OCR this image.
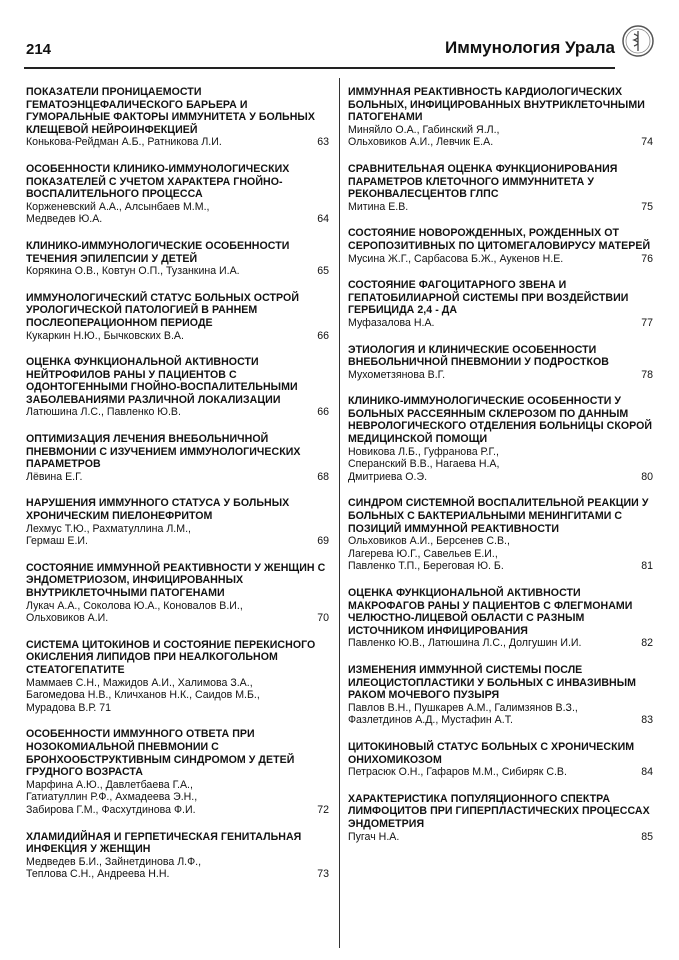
214	Иммунология Урала
ПОКАЗАТЕЛИ ПРОНИЦАЕМОСТИ ГЕМАТОЭНЦЕФАЛИЧЕСКОГО БАРЬЕРА И ГУМОРАЛЬНЫЕ ФАКТОРЫ ИММУНИТЕТА У БОЛЬНЫХ КЛЕЩЕВОЙ НЕЙРОИНФЕКЦИЕЙ
63
Конькова-Рейдман А.Б., Ратникова Л.И.
ОСОБЕННОСТИ КЛИНИКО-ИММУНОЛОГИЧЕСКИХ ПОКАЗАТЕЛЕЙ С УЧЕТОМ ХАРАКТЕРА ГНОЙНО-ВОСПАЛИТЕЛЬНОГО ПРОЦЕССА
Корженевский А.А., Алсынбаев М.М.,
64
Медведев Ю.А.
КЛИНИКО-ИММУНОЛОГИЧЕСКИЕ ОСОБЕННОСТИ ТЕЧЕНИЯ ЭПИЛЕПСИИ У ДЕТЕЙ
65
Корякина О.В., Ковтун О.П., Тузанкина И.А.
ИММУНОЛОГИЧЕСКИЙ СТАТУС БОЛЬНЫХ ОСТРОЙ УРОЛОГИЧЕСКОЙ ПАТОЛОГИЕЙ В РАННЕМ ПОСЛЕОПЕРАЦИОННОМ ПЕРИОДЕ
66
Кукаркин Н.Ю., Бычковских В.А.
ОЦЕНКА ФУНКЦИОНАЛЬНОЙ АКТИВНОСТИ НЕЙТРОФИЛОВ РАНЫ У ПАЦИЕНТОВ С ОДОНТОГЕННЫМИ ГНОЙНО-ВОСПАЛИТЕЛЬНЫМИ ЗАБОЛЕВАНИЯМИ РАЗЛИЧНОЙ ЛОКАЛИЗАЦИИ
66
Латюшина Л.С., Павленко Ю.В.
ОПТИМИЗАЦИЯ ЛЕЧЕНИЯ ВНЕБОЛЬНИЧНОЙ ПНЕВМОНИИ С ИЗУЧЕНИЕМ ИММУНОЛОГИЧЕСКИХ ПАРАМЕТРОВ
68
Лёвина Е.Г.
НАРУШЕНИЯ ИММУННОГО СТАТУСА У БОЛЬНЫХ ХРОНИЧЕСКИМ ПИЕЛОНЕФРИТОМ
Лехмус Т.Ю., Рахматуллина Л.М.,
69
Гермаш Е.И.
СОСТОЯНИЕ ИММУННОЙ РЕАКТИВНОСТИ У ЖЕНЩИН С ЭНДОМЕТРИОЗОМ, ИНФИЦИРОВАННЫХ ВНУТРИКЛЕТОЧНЫМИ ПАТОГЕНАМИ
Лукач А.А., Соколова Ю.А., Коновалов В.И.,
70
Ольховиков А.И.
СИСТЕМА ЦИТОКИНОВ И СОСТОЯНИЕ ПЕРЕКИСНОГО ОКИСЛЕНИЯ ЛИПИДОВ ПРИ НЕАЛКОГОЛЬНОМ СТЕАТОГЕПАТИТЕ
Маммаев С.Н., Мажидов А.И., Халимова З.А.,
Багомедова Н.В., Кличханов Н.К., Саидов М.Б.,
Мурадова В.Р. 71
ОСОБЕННОСТИ ИММУННОГО ОТВЕТА ПРИ НОЗОКОМИАЛЬНОЙ ПНЕВМОНИИ С БРОНХООБСТРУКТИВНЫМ СИНДРОМОМ У ДЕТЕЙ ГРУДНОГО ВОЗРАСТА
Марфина А.Ю., Давлетбаева Г.А.,
Гатиатуллин Р.Ф., Ахмадеева Э.Н.,
72
Забирова Г.М., Фасхутдинова Ф.И.
ХЛАМИДИЙНАЯ И ГЕРПЕТИЧЕСКАЯ ГЕНИТАЛЬНАЯ ИНФЕКЦИЯ У ЖЕНЩИН
Медведев Б.И., Зайнетдинова Л.Ф.,
73
Теплова С.Н., Андреева Н.Н.
ИММУННАЯ РЕАКТИВНОСТЬ КАРДИОЛОГИЧЕСКИХ БОЛЬНЫХ, ИНФИЦИРОВАННЫХ ВНУТРИКЛЕТОЧНЫМИ ПАТОГЕНАМИ
Миняйло О.А., Габинский Я.Л.,
74
Ольховиков А.И., Левчик Е.А.
СРАВНИТЕЛЬНАЯ ОЦЕНКА ФУНКЦИОНИРОВАНИЯ ПАРАМЕТРОВ КЛЕТОЧНОГО ИММУННИТЕТА У РЕКОНВАЛЕСЦЕНТОВ ГЛПС
75
Митина Е.В.
СОСТОЯНИЕ НОВОРОЖДЕННЫХ, РОЖДЕННЫХ ОТ СЕРОПОЗИТИВНЫХ ПО ЦИТОМЕГАЛОВИРУСУ МАТЕРЕЙ
76
Мусина Ж.Г., Сарбасова Б.Ж., Аукенов Н.Е.
СОСТОЯНИЕ ФАГОЦИТАРНОГО ЗВЕНА И ГЕПАТОБИЛИАРНОЙ СИСТЕМЫ ПРИ ВОЗДЕЙСТВИИ ГЕРБИЦИДА 2,4 - ДА
77
Муфазалова Н.А.
ЭТИОЛОГИЯ И КЛИНИЧЕСКИЕ ОСОБЕННОСТИ ВНЕБОЛЬНИЧНОЙ ПНЕВМОНИИ У ПОДРОСТКОВ
78
Мухометзянова В.Г.
КЛИНИКО-ИММУНОЛОГИЧЕСКИЕ ОСОБЕННОСТИ У БОЛЬНЫХ РАССЕЯННЫМ СКЛЕРОЗОМ ПО ДАННЫМ НЕВРОЛОГИЧЕСКОГО ОТДЕЛЕНИЯ БОЛЬНИЦЫ СКОРОЙ МЕДИЦИНСКОЙ ПОМОЩИ
Новикова Л.Б., Гуфранова Р.Г.,
Сперанский В.В., Нагаева Н.А,
80
Дмитриева О.Э.
СИНДРОМ СИСТЕМНОЙ ВОСПАЛИТЕЛЬНОЙ РЕАКЦИИ У БОЛЬНЫХ С БАКТЕРИАЛЬНЫМИ МЕНИНГИТАМИ С ПОЗИЦИЙ ИММУННОЙ РЕАКТИВНОСТИ
Ольховиков А.И., Берсенев С.В.,
Лагерева Ю.Г., Савельев Е.И.,
81
Павленко Т.П., Береговая Ю. Б.
ОЦЕНКА ФУНКЦИОНАЛЬНОЙ АКТИВНОСТИ МАКРОФАГОВ РАНЫ У ПАЦИЕНТОВ С ФЛЕГМОНАМИ ЧЕЛЮСТНО-ЛИЦЕВОЙ ОБЛАСТИ С РАЗНЫМ ИСТОЧНИКОМ ИНФИЦИРОВАНИЯ
82
Павленко Ю.В., Латюшина Л.С., Долгушин И.И.
ИЗМЕНЕНИЯ ИММУННОЙ СИСТЕМЫ ПОСЛЕ ИЛЕОЦИСТОПЛАСТИКИ У БОЛЬНЫХ С ИНВАЗИВНЫМ РАКОМ МОЧЕВОГО ПУЗЫРЯ
Павлов В.Н., Пушкарев А.М., Галимзянов В.З.,
83
Фазлетдинов А.Д., Мустафин А.Т.
ЦИТОКИНОВЫЙ СТАТУС БОЛЬНЫХ С ХРОНИЧЕСКИМ ОНИХОМИКОЗОМ
84
Петрасюк О.Н., Гафаров М.М., Сибиряк С.В.
ХАРАКТЕРИСТИКА ПОПУЛЯЦИОННОГО СПЕКТРА ЛИМФОЦИТОВ ПРИ ГИПЕРПЛАСТИЧЕСКИХ ПРОЦЕССАХ ЭНДОМЕТРИЯ
85
Пугач Н.А.
